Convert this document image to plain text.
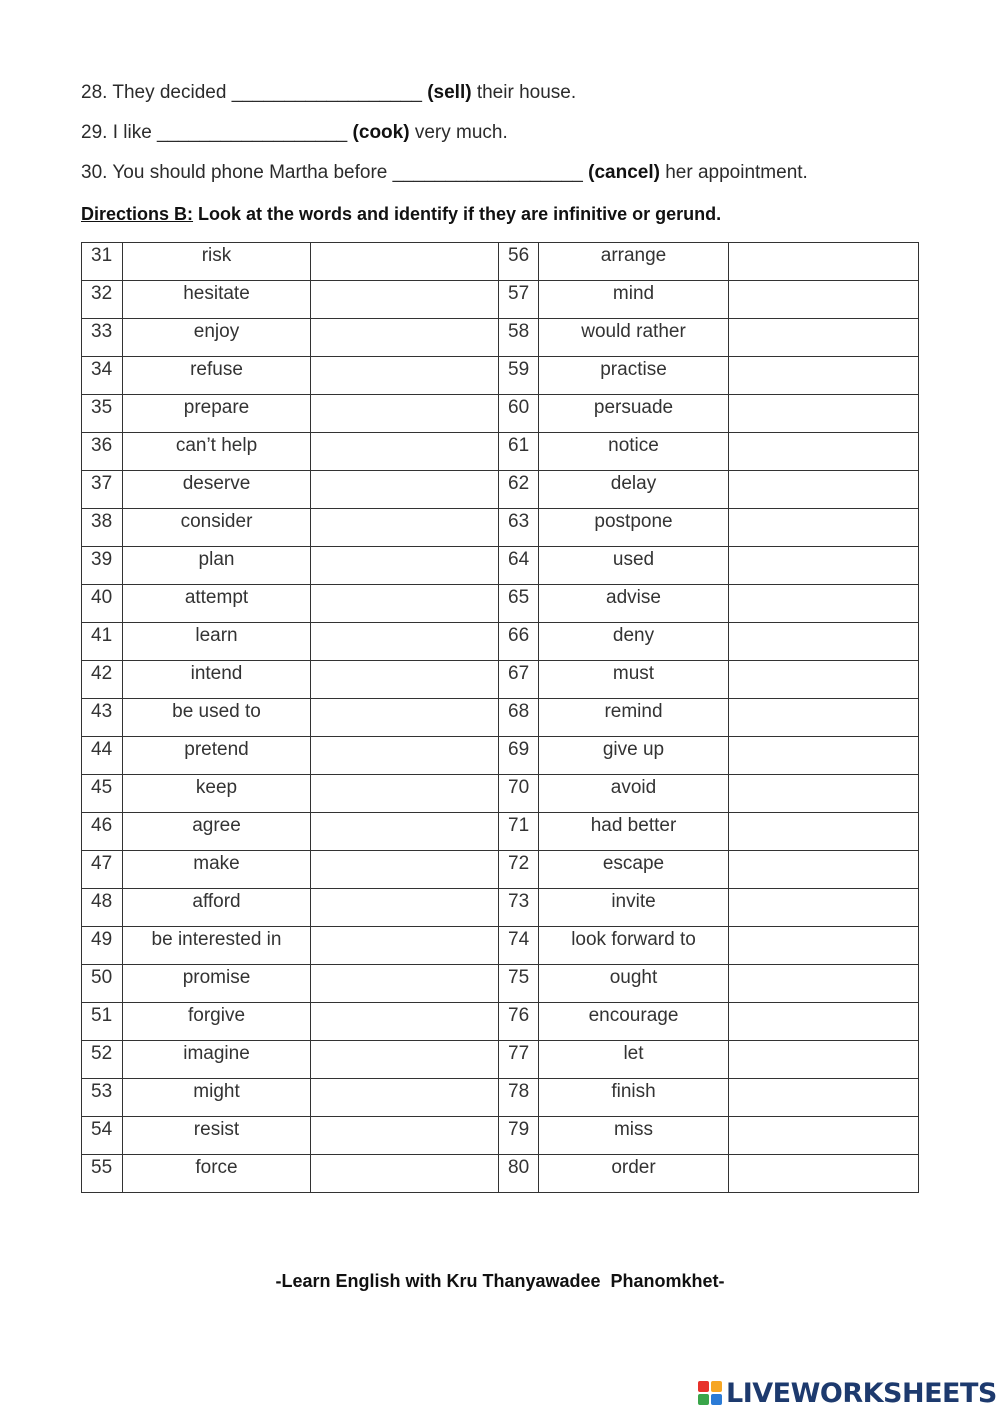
28. They decided __________________ (sell) their house.
29. I like __________________ (cook) very much.
30. You should phone Martha before __________________ (cancel) her appointment.
Directions B: Look at the words and identify if they are infinitive or gerund.
31	risk		56	arrange	
32	hesitate		57	mind	
33	enjoy		58	would rather	
34	refuse		59	practise	
35	prepare		60	persuade	
36	can’t help		61	notice	
37	deserve		62	delay	
38	consider		63	postpone	
39	plan		64	used	
40	attempt		65	advise	
41	learn		66	deny	
42	intend		67	must	
43	be used to		68	remind	
44	pretend		69	give up	
45	keep		70	avoid	
46	agree		71	had better	
47	make		72	escape	
48	afford		73	invite	
49	be interested in		74	look forward to	
50	promise		75	ought	
51	forgive		76	encourage	
52	imagine		77	let	
53	might		78	finish	
54	resist		79	miss	
55	force		80	order	
-Learn English with Kru Thanyawadee  Phanomkhet-
LIVEWORKSHEETS
